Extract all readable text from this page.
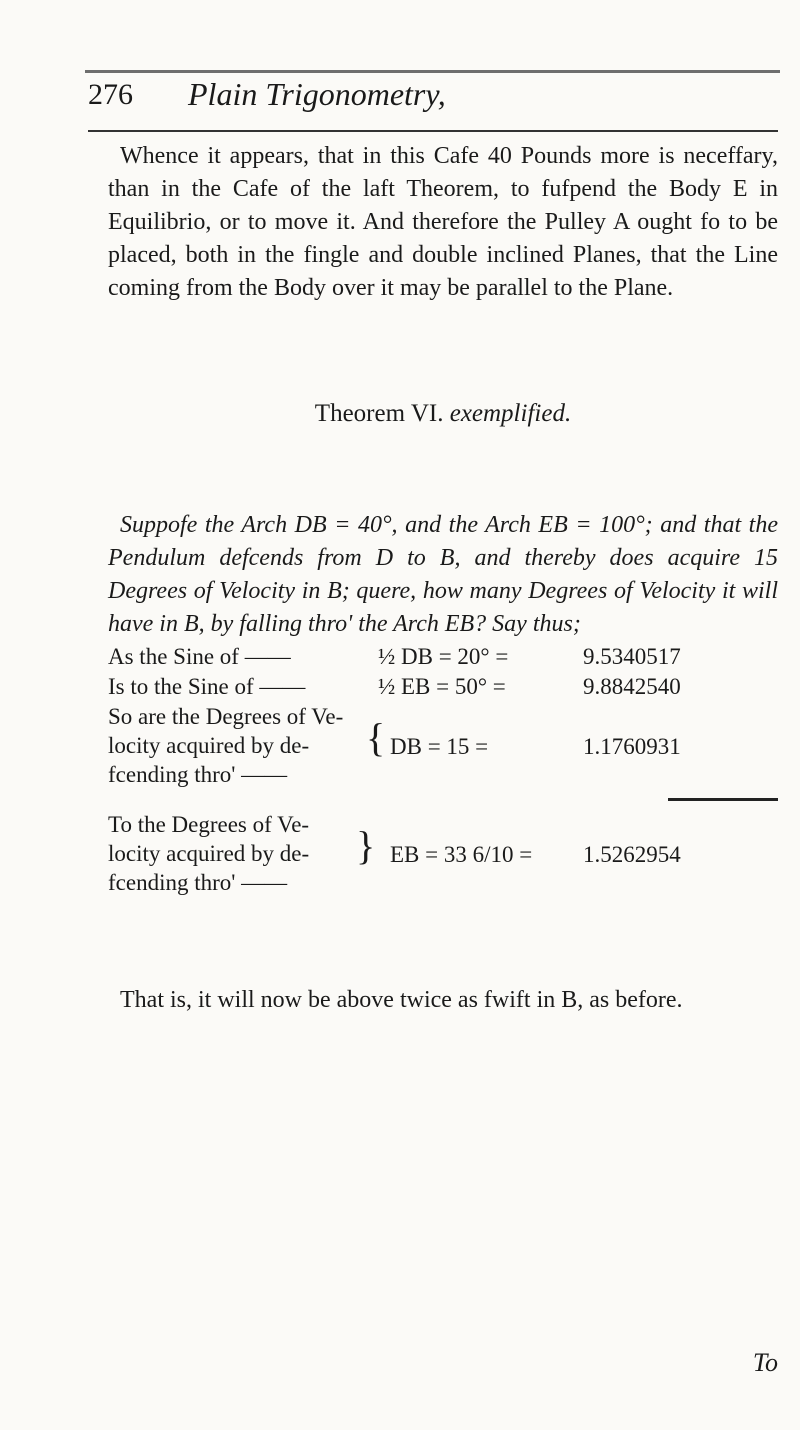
276 Plain Trigonometry,

Whence it appears, that in this Cafe 40 Pounds more is neceffary, than in the Cafe of the laft Theorem, to fufpend the Body E in Equilibrio, or to move it. And therefore the Pulley A ought fo to be placed, both in the fingle and double inclined Planes, that the Line coming from the Body over it may be parallel to the Plane.

Theorem VI. exemplified.

Suppofe the Arch DB = 40°, and the Arch EB = 100°; and that the Pendulum defcends from D to B, and thereby does acquire 15 Degrees of Velocity in B; quere, how many Degrees of Velocity it will have in B, by falling thro' the Arch EB? Say thus;

As the Sine of ——	½ DB = 20° =	9.5340517
Is to the Sine of ——	½ EB = 50° =	9.8842540
So are the Degrees of Ve-
locity acquired by de-
fcending thro' ——
{ DB = 15 =	1.1760931
To the Degrees of Ve-
locity acquired by de-
fcending thro' ——
} EB = 33 6/10 = 1.5262954

That is, it will now be above twice as fwift in B, as before.

To
